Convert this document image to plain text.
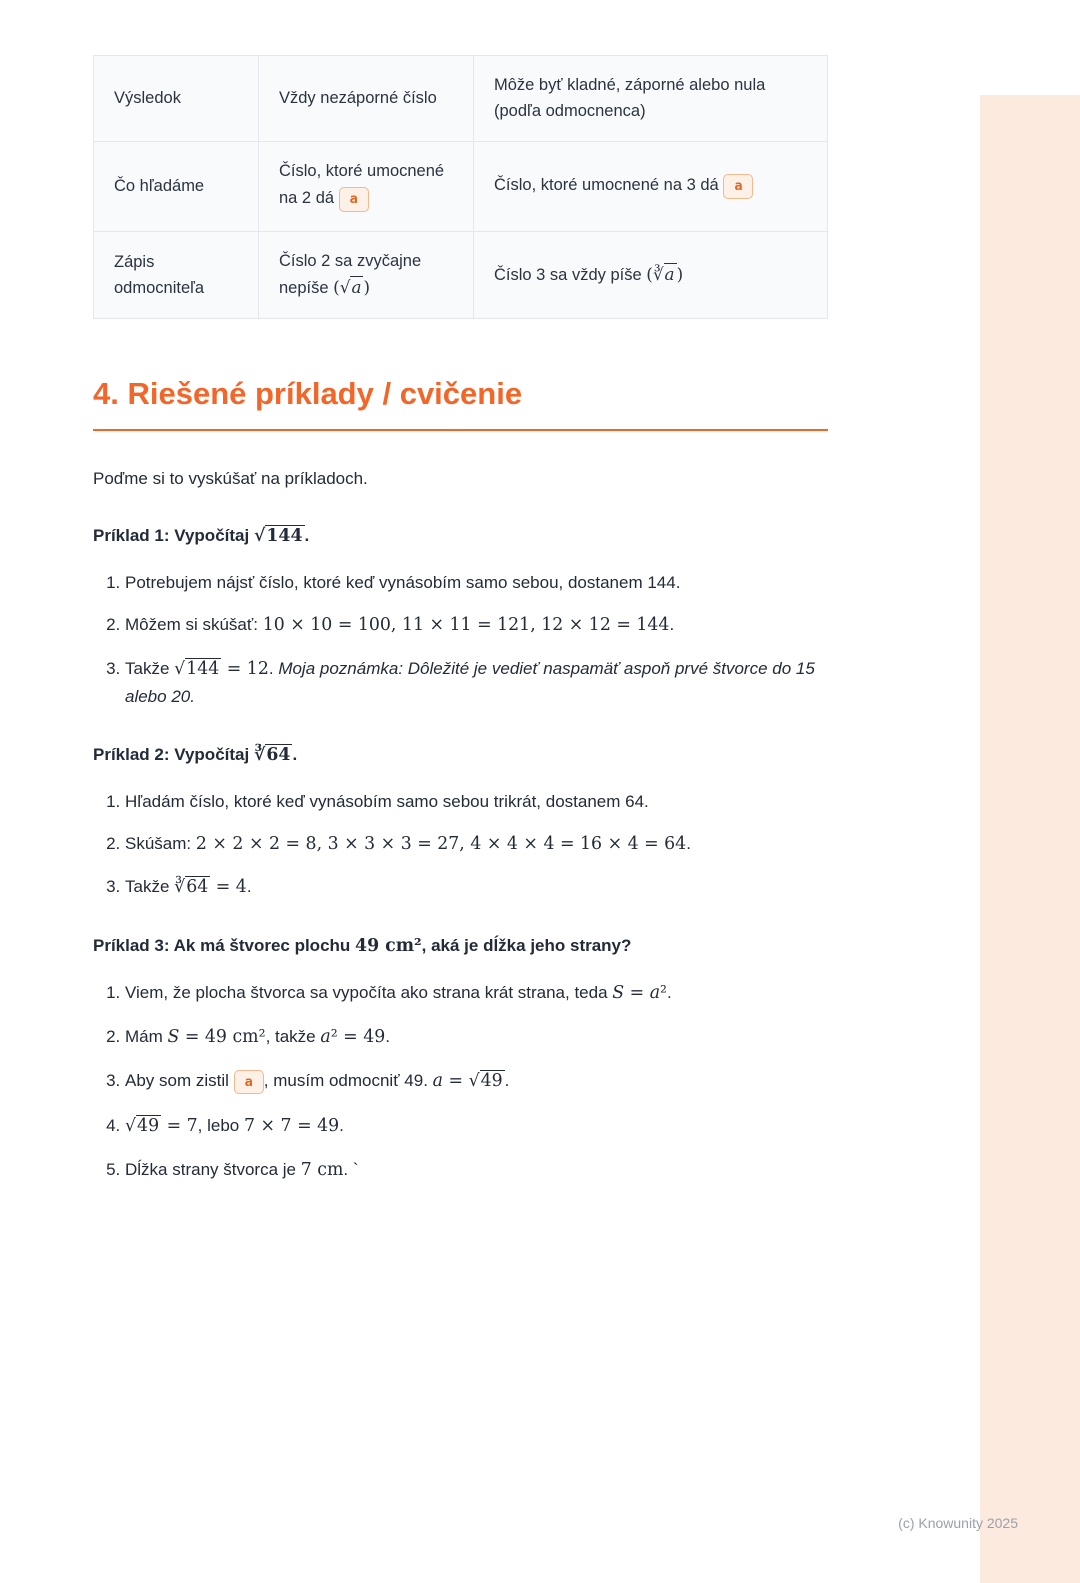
Výsledok	Vždy nezáporné číslo	Môže byť kladné, záporné alebo nula (podľa odmocnenca)
Čo hľadáme	Číslo, ktoré umocnené na 2 dá a	Číslo, ktoré umocnené na 3 dá a
Zápis odmocniteľa	Číslo 2 sa zvyčajne nepíše (√a )	Číslo 3 sa vždy píše (∛a )
4. Riešené príklady / cvičenie

Poďme si to vyskúšať na príkladoch.

Príklad 1: Vypočítaj √144 .

1. Potrebujem nájsť číslo, ktoré keď vynásobím samo sebou, dostanem 144.
2. Môžem si skúšať: 10 × 10 = 100, 11 × 11 = 121, 12 × 12 = 144.
3. Takže √144 = 12. Moja poznámka: Dôležité je vedieť naspamäť aspoň prvé štvorce do 15 alebo 20.

Príklad 2: Vypočítaj ∛64 .

1. Hľadám číslo, ktoré keď vynásobím samo sebou trikrát, dostanem 64.
2. Skúšam: 2 × 2 × 2 = 8, 3 × 3 × 3 = 27, 4 × 4 × 4 = 16 × 4 = 64.
3. Takže ∛64 = 4.

Príklad 3: Ak má štvorec plochu 49 cm², aká je dĺžka jeho strany?

1. Viem, že plocha štvorca sa vypočíta ako strana krát strana, teda S = a².
2. Mám S = 49 cm², takže a² = 49.
3. Aby som zistil a , musím odmocniť 49. a = √49 .
4. √49 = 7, lebo 7 × 7 = 49.
5. Dĺžka strany štvorca je 7 cm. `
(c) Knowunity 2025
